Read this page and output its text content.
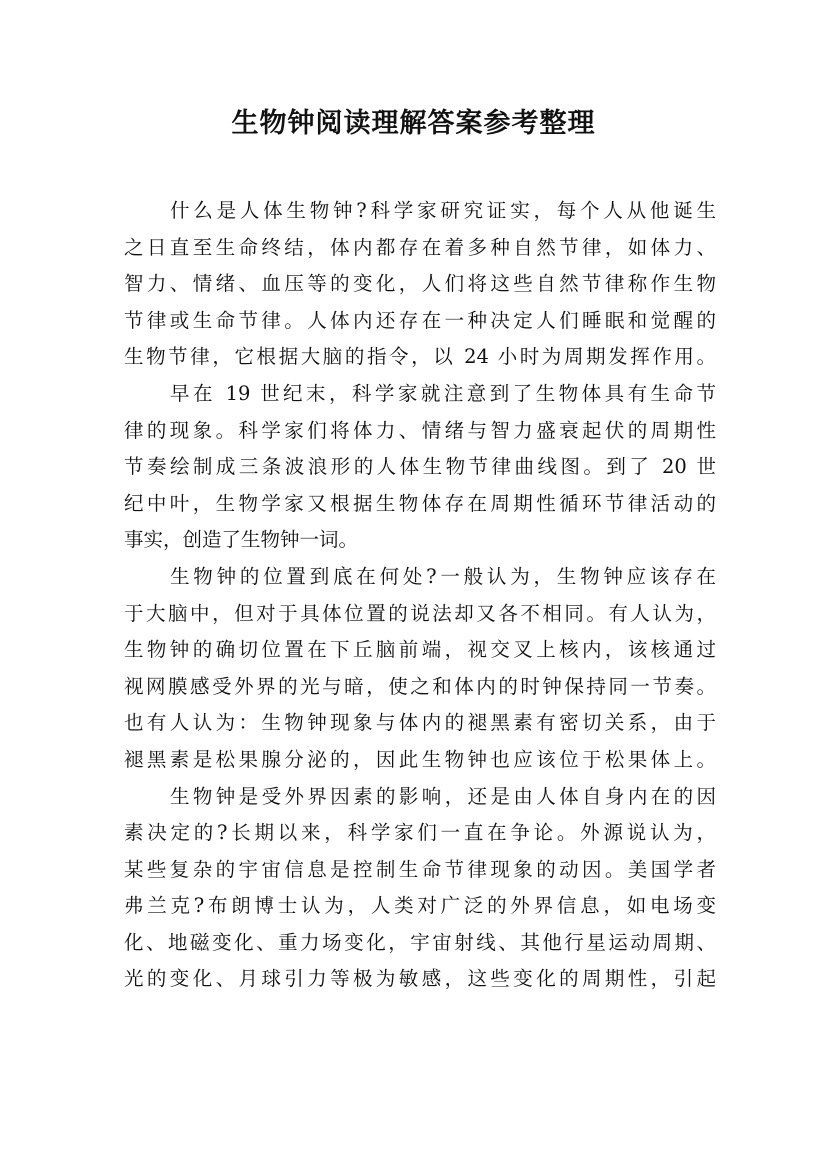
生物钟阅读理解答案参考整理
什么是人体生物钟?科学家研究证实，每个人从他诞生
之日直至生命终结，体内都存在着多种自然节律，如体力、
智力、情绪、血压等的变化，人们将这些自然节律称作生物
节律或生命节律。人体内还存在一种决定人们睡眠和觉醒的
生物节律，它根据大脑的指令，以 24 小时为周期发挥作用。
早在 19 世纪末，科学家就注意到了生物体具有生命节
律的现象。科学家们将体力、情绪与智力盛衰起伏的周期性
节奏绘制成三条波浪形的人体生物节律曲线图。到了 20 世
纪中叶，生物学家又根据生物体存在周期性循环节律活动的
事实，创造了生物钟一词。
生物钟的位置到底在何处?一般认为，生物钟应该存在
于大脑中，但对于具体位置的说法却又各不相同。有人认为，
生物钟的确切位置在下丘脑前端，视交叉上核内，该核通过
视网膜感受外界的光与暗，使之和体内的时钟保持同一节奏。
也有人认为：生物钟现象与体内的褪黑素有密切关系，由于
褪黑素是松果腺分泌的，因此生物钟也应该位于松果体上。
生物钟是受外界因素的影响，还是由人体自身内在的因
素决定的?长期以来，科学家们一直在争论。外源说认为，
某些复杂的宇宙信息是控制生命节律现象的动因。美国学者
弗兰克?布朗博士认为，人类对广泛的外界信息，如电场变
化、地磁变化、重力场变化，宇宙射线、其他行星运动周期、
光的变化、月球引力等极为敏感，这些变化的周期性，引起
